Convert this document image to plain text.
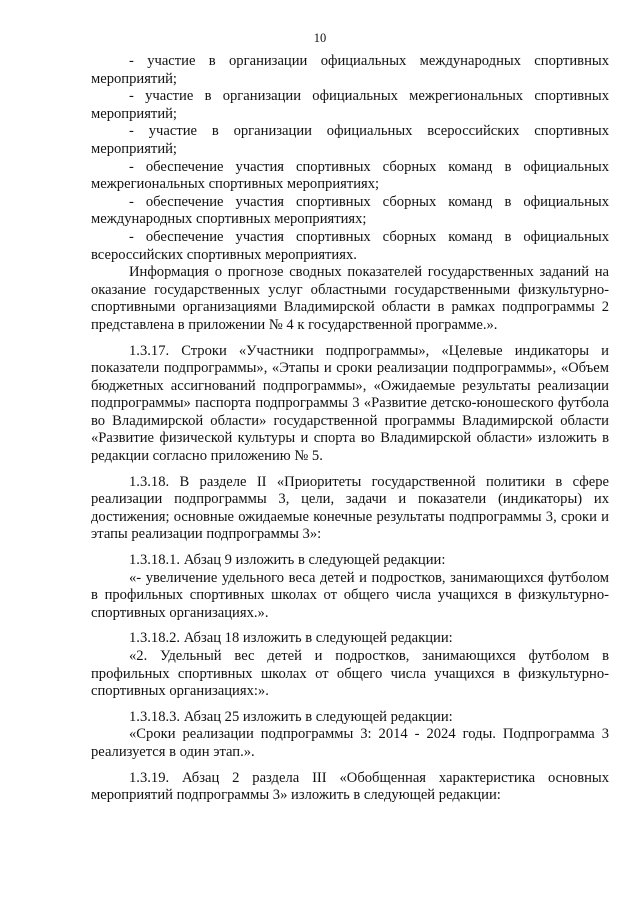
10

- участие в организации официальных международных спортивных мероприятий;

- участие в организации официальных межрегиональных спортивных мероприятий;

- участие в организации официальных всероссийских спортивных мероприятий;

- обеспечение участия спортивных сборных команд в официальных межрегиональных спортивных мероприятиях;

- обеспечение участия спортивных сборных команд в официальных международных спортивных мероприятиях;

- обеспечение участия спортивных сборных команд в официальных всероссийских спортивных мероприятиях.

Информация о прогнозе сводных показателей государственных заданий на оказание государственных услуг областными государственными физкультурно-спортивными организациями Владимирской области в рамках подпрограммы 2 представлена в приложении № 4 к государственной программе.».

1.3.17. Строки «Участники подпрограммы», «Целевые индикаторы и показатели подпрограммы», «Этапы и сроки реализации подпрограммы», «Объем бюджетных ассигнований подпрограммы», «Ожидаемые результаты реализации подпрограммы» паспорта подпрограммы 3 «Развитие детско-юношеского футбола во Владимирской области» государственной программы Владимирской области «Развитие физической культуры и спорта во Владимирской области» изложить в редакции согласно приложению № 5.

1.3.18. В разделе II «Приоритеты государственной политики в сфере реализации подпрограммы 3, цели, задачи и показатели (индикаторы) их достижения; основные ожидаемые конечные результаты подпрограммы 3, сроки и этапы реализации подпрограммы 3»:

1.3.18.1. Абзац 9 изложить в следующей редакции:

«- увеличение удельного веса детей и подростков, занимающихся футболом в профильных спортивных школах от общего числа учащихся в физкультурно-спортивных организациях.».

1.3.18.2. Абзац 18 изложить в следующей редакции:

«2. Удельный вес детей и подростков, занимающихся футболом в профильных спортивных школах от общего числа учащихся в физкультурно-спортивных организациях:».

1.3.18.3. Абзац 25 изложить в следующей редакции:

«Сроки реализации подпрограммы 3: 2014 - 2024 годы. Подпрограмма 3 реализуется в один этап.».

1.3.19. Абзац 2 раздела III «Обобщенная характеристика основных мероприятий подпрограммы 3» изложить в следующей редакции:
